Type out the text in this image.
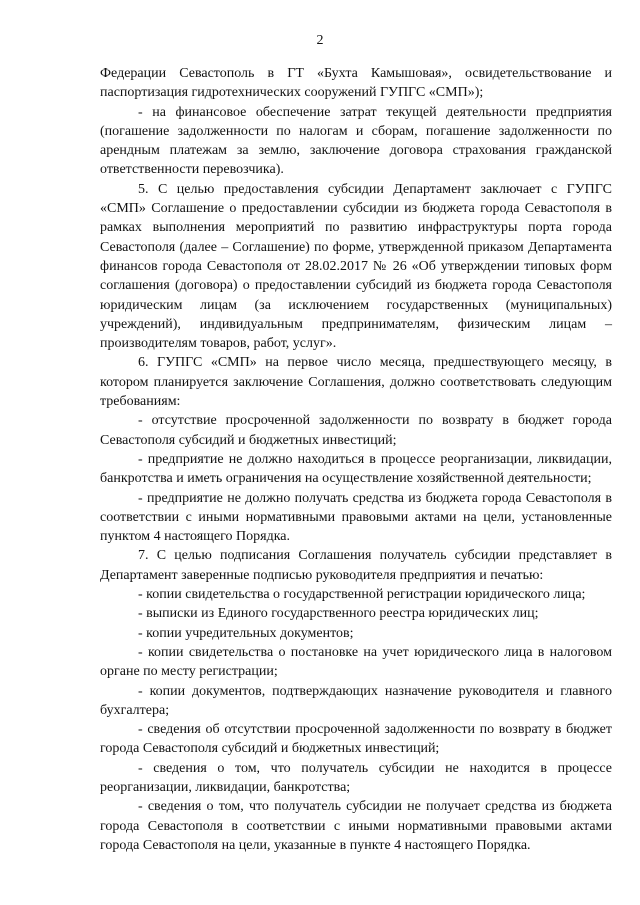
2

Федерации Севастополь в ГТ «Бухта Камышовая», освидетельствование и паспортизация гидротехнических сооружений ГУПГС «СМП»);

- на финансовое обеспечение затрат текущей деятельности предприятия (погашение задолженности по налогам и сборам, погашение задолженности по арендным платежам за землю, заключение договора страхования гражданской ответственности перевозчика).

5. С целью предоставления субсидии Департамент заключает с ГУПГС «СМП» Соглашение о предоставлении субсидии из бюджета города Севастополя в рамках выполнения мероприятий по развитию инфраструктуры порта города Севастополя (далее – Соглашение) по форме, утвержденной приказом Департамента финансов города Севастополя от 28.02.2017 № 26 «Об утверждении типовых форм соглашения (договора) о предоставлении субсидий из бюджета города Севастополя юридическим лицам (за исключением государственных (муниципальных) учреждений), индивидуальным предпринимателям, физическим лицам – производителям товаров, работ, услуг».

6. ГУПГС «СМП» на первое число месяца, предшествующего месяцу, в котором планируется заключение Соглашения, должно соответствовать следующим требованиям:

- отсутствие просроченной задолженности по возврату в бюджет города Севастополя субсидий и бюджетных инвестиций;

- предприятие не должно находиться в процессе реорганизации, ликвидации, банкротства и иметь ограничения на осуществление хозяйственной деятельности;

- предприятие не должно получать средства из бюджета города Севастополя в соответствии с иными нормативными правовыми актами на цели, установленные пунктом 4 настоящего Порядка.

7. С целью подписания Соглашения получатель субсидии представляет в Департамент заверенные подписью руководителя предприятия и печатью:

- копии свидетельства о государственной регистрации юридического лица;

- выписки из Единого государственного реестра юридических лиц;

- копии учредительных документов;

- копии свидетельства о постановке на учет юридического лица в налоговом органе по месту регистрации;

- копии документов, подтверждающих назначение руководителя и главного бухгалтера;

- сведения об отсутствии просроченной задолженности по возврату в бюджет города Севастополя субсидий и бюджетных инвестиций;

- сведения о том, что получатель субсидии не находится в процессе реорганизации, ликвидации, банкротства;

- сведения о том, что получатель субсидии не получает средства из бюджета города Севастополя в соответствии с иными нормативными правовыми актами города Севастополя на цели, указанные в пункте 4 настоящего Порядка.
